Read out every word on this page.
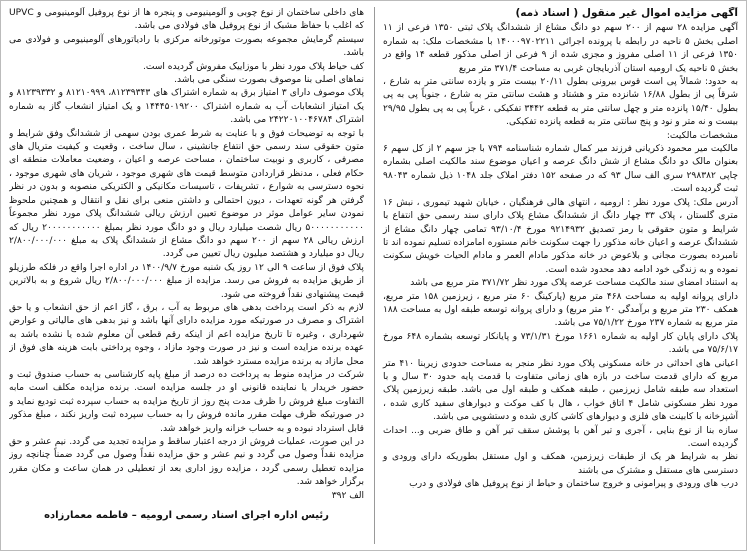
آگهی مزایده اموال غیر منقول ( اسناد ذمه)

آگهی مزایده ۲۸ سهم از ۲۰۰ سهم دو دانگ مشاع از ششدانگ پلاک ثبتی ۱۳۵۰ فرعی از ۱۱ اصلی بخش ۵ ناحیه در رابطه با پرونده اجرائی ۱۴۰۰۰۹۷۰۲۲۱۱ با مشخصات ملک: به شماره ۱۳۵۰ فرعی از ۱۱ اصلی مفروز و مجزی شده از ۹ فرعی از اصلی مذکور قطعه ۱۴ واقع در بخش ۵ ناحیه یک ارومیه استان آذربایجان غربی به مساحت ۳۷۱/۴ متر مربع

به حدود: شمالاً پی است قوس بیرونی بطول ۲۰/۱۱ بیست متر و یازده سانتی متر به شارع ، شرقاً پی از بطول ۱۶/۸۸ شانزده متر و هشتاد و هشت سانتی متر به شارع ، جنوباً پی به پی بطول ۱۵/۴۰ پانزده متر و چهل سانتی متر به قطعه ۳۴۴۲ تفکیکی ، غرباً پی به پی بطول ۲۹/۹۵ بیست و نه متر و نود و پنج سانتی متر به قطعه پانزده تفکیکی.

مشخصات مالکیت:

مالکیت میر محمود ذکریانی فرزند میر کمال شماره شناسنامه ۷۹۴ با جز سهم ۲ از کل سهم ۶ بعنوان مالک دو دانگ مشاع از شش دانگ عرصه و اعیان موضوع سند مالکیت اصلی بشماره چاپی ۲۹۸۳۸۲ سری الف سال ۹۳ که در صفحه ۱۵۲ دفتر املاک جلد ۱۰۴۸ ذیل شماره ۹۸۰۴۳ ثبت گردیده است.

آدرس ملک: پلاک مورد نظر : ارومیه ، انتهای هالی فرهنگیان ، خیابان شهید تیموری ، نبش ۱۶ متری گلستان ، پلاک ۳۳ چهار دانگ از ششدانگ مشاع پلاک دارای سند رسمی حق انتفاع با شرایط و متون حقوقی با رمز تصدیق ۹۲۱۴۹۳۲ مورخ ۹۳/۱۰/۴ تمامی چهار دانگ مشاع از ششدانگ عرصه و اعیان خانه مذکور را جهت سکونت خانم مستوره امامزاده تسلیم نموده اند تا نامبرده بصورت مجانی و بلاعوض در خانه مذکور مادام العمر و مادام الحیات خویش سکونت نموده و به زندگی خود ادامه دهد محدود شده است.

به استناد امضای سند مالکیت مساحت عرصه پلاک مورد نظر ۳۷۱/۷۲ متر مربع می باشد

دارای پروانه اولیه به مساحت ۴۶۸ متر مربع (پارکینگ ۶۰ متر مربع ، زیرزمین ۱۵۸ متر مربع، همکف ۲۳۰ متر مربع و برآمدگی ۲۰ متر مربع) و دارای پروانه توسعه طبقه اول به مساحت ۱۸۸ متر مربع به شماره ۲۳۷ مورخ ۷۵/۱/۲۲ می باشد.

پلاک دارای پایان کار اولیه به شماره ۱۶۶۱ مورخ ۷۳/۱/۳۱ و پایانکار توسعه بشماره ۶۴۸ مورخ ۷۵/۶/۱۷ می باشد.

اعیانی های احداثی در خانه مسکونی پلاک مورد نظر منجر به مساحت حدودی زیربنا ۴۱۰ متر مربع که دارای قدمت ساخت در بازه های زمانی متفاوت با قدمت پایه حدود ۳۰ سال و با استعداد سه طبقه شامل زیرزمین ، طبقه همکف و طبقه اول می باشد. طبقه زیرزمین پلاک مورد نظر مسکونی شامل ۴ اتاق خواب ، هال با کف موکت و دیوارهای سفید کاری شده ، آشپزخانه با کابینت های فلزی و دیوارهای کاشی کاری شده و دستشویی می باشد.

سازه بنا از نوع بنایی ، آجری و تیر آهن با پوشش سقف تیر آهن و طاق ضربی و... احداث گردیده است.

نظر به شرایط هر یک از طبقات زیرزمین، همکف و اول مستقل بطوریکه دارای ورودی و دسترسی های مستقل و مشترک می باشند

درب های ورودی و پیرامونی و خروج ساختمان و حیاط از نوع پروفیل های فولادی و درب

های داخلی ساختمان از نوع چوبی و آلومینیومی و پنجره ها از نوع پروفیل آلومینیومی و UPVC که اغلب با حفاظ مشبک از نوع پروفیل های فولادی می باشد.

سیستم گرمایش مجموعه بصورت موتورخانه مرکزی با رادیاتورهای آلومینیومی و فولادی می باشد.

کف حیاط پلاک مورد نظر با موزاییک مفروش گردیده است.

نماهای اصلی بنا موصوف بصورت سنگی می باشد.

پلاک موصوف دارای ۳ امتیاز برق به شماره اشتراک های ۸۱۲۳۹۳۴۳، ۸۱۲۱۰۹۹۹ و ۸۱۲۳۹۳۳۲ و یک امتیاز انشعابات آب به شماره اشتراک ۱۴۴۴۵۰۱۹۲۰۰ و یک امتیاز انشعاب گاز به شماره اشتراک ۲۴۲۲۰۱۰۰۴۶۷۸۴ می باشد.

با توجه به توضیحات فوق و با عنایت به شرط عمری بودن سهمی از ششدانگ وفق شرایط و متون حقوقی سند رسمی حق انتفاع جانشینی ، سال ساخت ، وقعیت و کیفیت متریال های مصرفی ، کاربری و نوبیت ساختمان ، مساحت عرصه و اعیان ، وضعیت معاملات منطقه ای حکام فعلی ، مدنظر قراردادن متوسط قیمت های شهری موجود ، شریان های شهری موجود ، نحوه دسترسی به شوارع ، تشریفات ، تاسیسات مکانیکی و الکتریکی منصوبه و بدون در نظر گرفتن هر گونه تعهدات ، دیون احتمالی و داشتن منعی برای نقل و انتقال و همچنین ملحوظ نمودن سایر عوامل موثر در موضوع تعیین ارزش ریالی ششدانگ پلاک مورد نظر مجموعاً ۵۰۰۰۰۰۰۰۰۰۰۰ ریال شصت میلیارد ریال و دو دانگ مورد نظر بمبلغ ۲۰۰۰۰۰۰۰۰۰۰۰ ریال که ارزش ریالی ۲۸ سهم از ۲۰۰ سهم دو دانگ مشاع از ششدانگ پلاک به مبلغ ۲/۸۰۰/۰۰۰/۰۰۰ ریال دو میلیارد و هشتصد میلیون ریال تعیین می گردد.

پلاک فوق از ساعت ۹ الی ۱۲ روز یک شنبه مورخ ۱۴۰۰/۹/۷ در اداره اجرا واقع در فلکه طرزیلو از طریق مزایده به فروش می رسد. مزایده از مبلغ ۲/۸۰۰/۰۰۰/۰۰۰ ریال شروع و به بالاترین قیمت پیشنهادی نقداً فروخته می شود.

لازم به ذکر است پرداخت بدهی های مربوط به آب ، برق ، گاز اعم از حق انشعاب و یا حق اشتراک و مصرف در صورتیکه مورد مزایده دارای آنها باشد و نیز بدهی های مالیاتی و عوارض شهرداری ، وغیره تا تاریخ مزایده اعم از اینکه رقم قطعی آن معلوم شده یا نشده باشد به عهده برنده مزایده است و نیز در صورت وجود مازاد ، وجوه پرداختی بابت هزینه های فوق از محل مازاد به برنده مزایده مسترد خواهد شد.

شرکت در مزایده منوط به پرداخت ده درصد از مبلغ پایه کارشناسی به حساب صندوق ثبت و حضور خریدار یا نماینده قانونی او در جلسه مزایده است. برنده مزایده مکلف است مابه التفاوت مبلغ فروش را ظرف مدت پنج روز از تاریخ مزایده به حساب سپرده ثبت تودیع نماید و در صورتیکه ظرف مهلت مقرر مانده فروش را به حساب سپرده ثبت واریز نکند ، مبلغ مذکور قابل استرداد نبوده و به حساب خزانه واریز خواهد شد.

در این صورت، عملیات فروش از درجه اعتبار ساقط و مزایده تجدید می گردد. نیم عشر و حق مزایده نقداً وصول می گردد و نیم عشر و حق مزایده نقداً وصول می گردد ضمناً چنانچه روز مزایده تعطیل رسمی گردد ، مزایده روز اداری بعد از تعطیلی در همان ساعت و مکان مقرر برگزار خواهد شد.

الف ۳۹۲

رئیس اداره اجرای اسناد رسمی ارومیه – فاطمه معمارزاده
